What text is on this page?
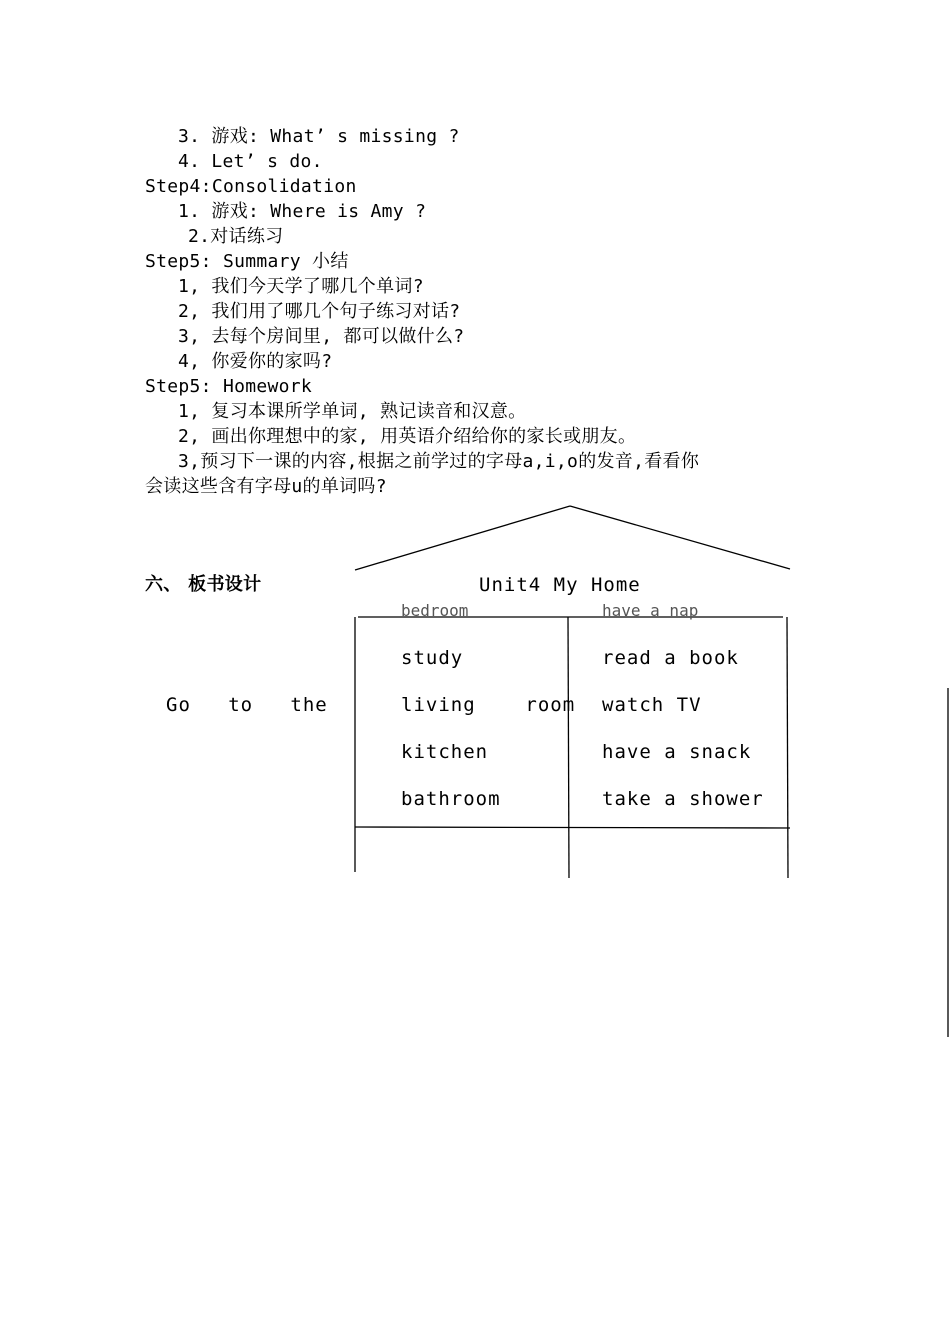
3. 游戏: What’ s missing ?
4. Let’ s do.
Step4:Consolidation
1. 游戏: Where is Amy ?
2.对话练习
Step5: Summary 小结
1, 我们今天学了哪几个单词?
2, 我们用了哪几个句子练习对话?
3, 去每个房间里, 都可以做什么?
4, 你爱你的家吗?
Step5: Homework
1, 复习本课所学单词, 熟记读音和汉意。
2, 画出你理想中的家, 用英语介绍给你的家长或朋友。
3,预习下一课的内容,根据之前学过的字母a,i,o的发音,看看你
会读这些含有字母u的单词吗?
六、 板书设计	Unit4 My Home
bedroom	have a nap
Go   to   the
study
living    room
kitchen
bathroom
read a book
watch TV
have a snack
take a shower
